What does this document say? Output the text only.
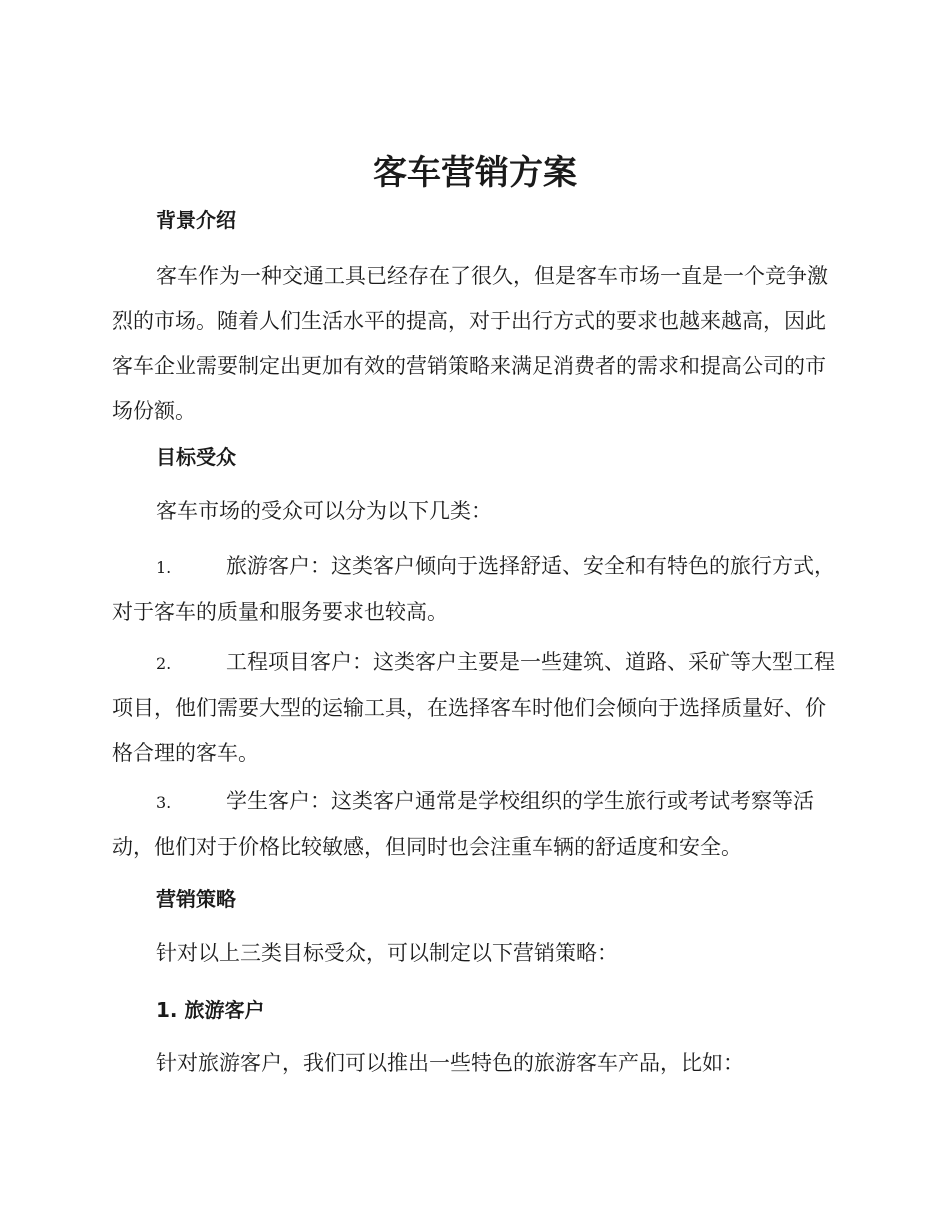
客车营销方案
背景介绍

客车作为一种交通工具已经存在了很久，但是客车市场一直是一个竞争激烈的市场。随着人们生活水平的提高，对于出行方式的要求也越来越高，因此客车企业需要制定出更加有效的营销策略来满足消费者的需求和提高公司的市场份额。

目标受众

客车市场的受众可以分为以下几类：

1.	旅游客户：这类客户倾向于选择舒适、安全和有特色的旅行方式，对于客车的质量和服务要求也较高。
2.	工程项目客户：这类客户主要是一些建筑、道路、采矿等大型工程项目，他们需要大型的运输工具，在选择客车时他们会倾向于选择质量好、价格合理的客车。
3.	学生客户：这类客户通常是学校组织的学生旅行或考试考察等活动，他们对于价格比较敏感，但同时也会注重车辆的舒适度和安全。
营销策略

针对以上三类目标受众，可以制定以下营销策略：

1. 旅游客户

针对旅游客户，我们可以推出一些特色的旅游客车产品，比如：
